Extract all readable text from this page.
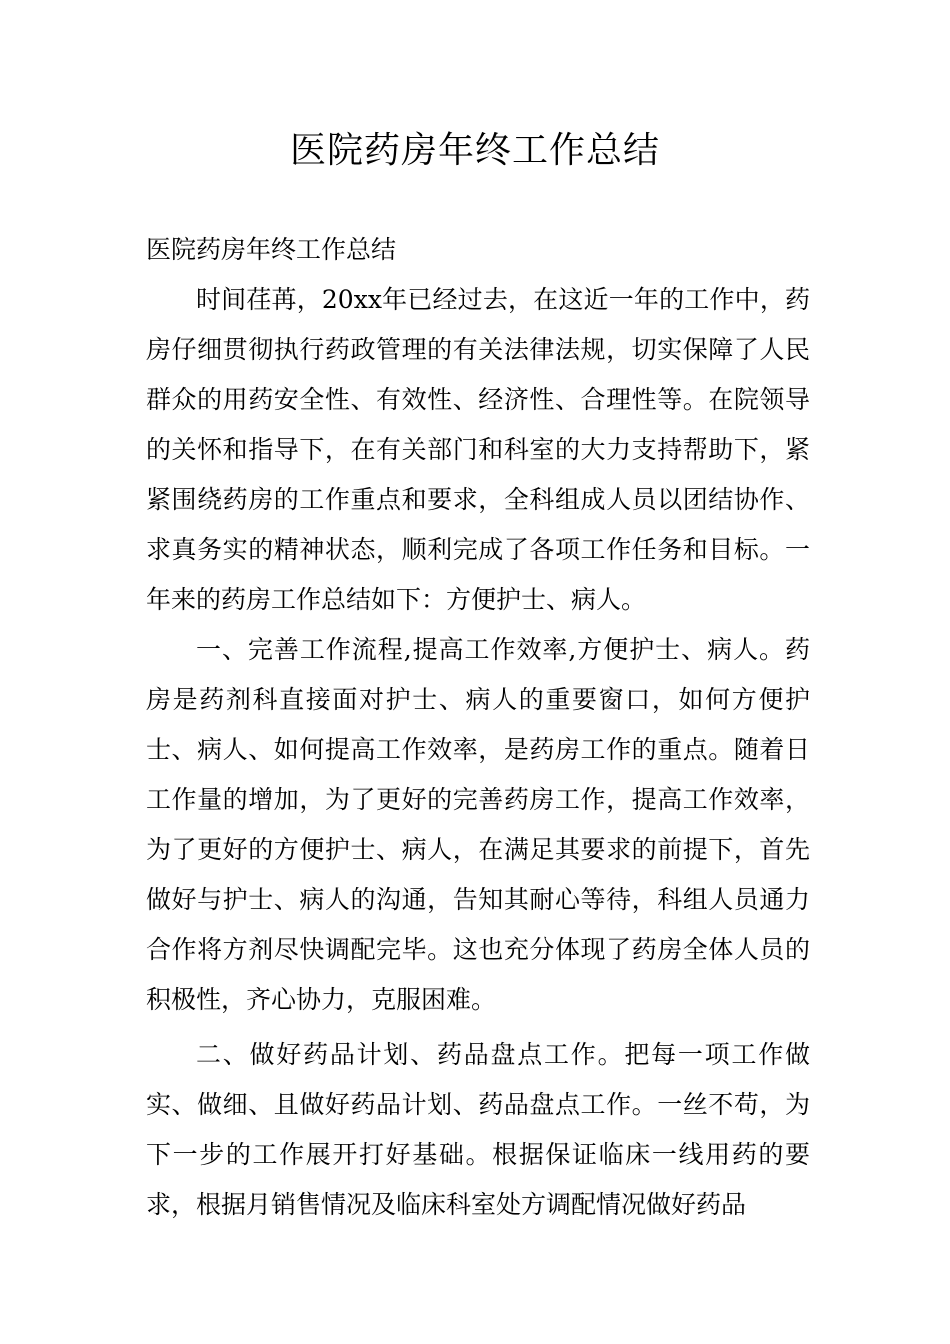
医院药房年终工作总结

医院药房年终工作总结

时间荏苒，20xx年已经过去，在这近一年的工作中，药房仔细贯彻执行药政管理的有关法律法规，切实保障了人民群众的用药安全性、有效性、经济性、合理性等。在院领导的关怀和指导下，在有关部门和科室的大力支持帮助下，紧紧围绕药房的工作重点和要求，全科组成人员以团结协作、求真务实的精神状态，顺利完成了各项工作任务和目标。一年来的药房工作总结如下：方便护士、病人。

一、完善工作流程,提高工作效率,方便护士、病人。药房是药剂科直接面对护士、病人的重要窗口，如何方便护士、病人、如何提高工作效率，是药房工作的重点。随着日工作量的增加，为了更好的完善药房工作，提高工作效率，为了更好的方便护士、病人，在满足其要求的前提下，首先做好与护士、病人的沟通，告知其耐心等待，科组人员通力合作将方剂尽快调配完毕。这也充分体现了药房全体人员的积极性，齐心协力，克服困难。

二、做好药品计划、药品盘点工作。把每一项工作做实、做细、且做好药品计划、药品盘点工作。一丝不苟，为下一步的工作展开打好基础。根据保证临床一线用药的要求，根据月销售情况及临床科室处方调配情况做好药品
